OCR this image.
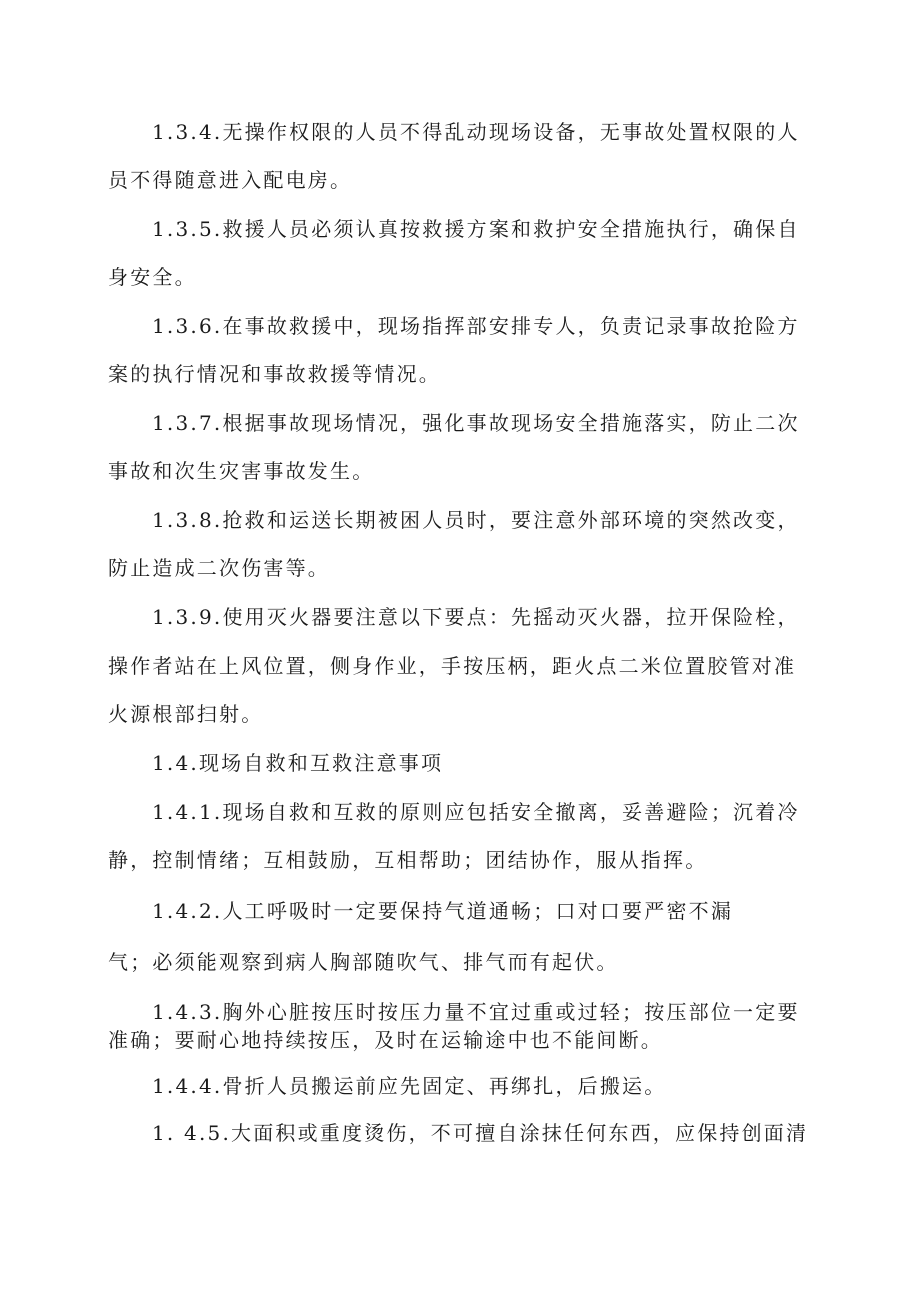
1.3.4.无操作权限的人员不得乱动现场设备，无事故处置权限的人
员不得随意进入配电房。
1.3.5.救援人员必须认真按救援方案和救护安全措施执行，确保自
身安全。
1.3.6.在事故救援中，现场指挥部安排专人，负责记录事故抢险方
案的执行情况和事故救援等情况。
1.3.7.根据事故现场情况，强化事故现场安全措施落实，防止二次
事故和次生灾害事故发生。
1.3.8.抢救和运送长期被困人员时，要注意外部环境的突然改变，
防止造成二次伤害等。
1.3.9.使用灭火器要注意以下要点：先摇动灭火器，拉开保险栓，
操作者站在上风位置，侧身作业，手按压柄，距火点二米位置胶管对准
火源根部扫射。
1.4.现场自救和互救注意事项
1.4.1.现场自救和互救的原则应包括安全撤离，妥善避险；沉着冷
静，控制情绪；互相鼓励，互相帮助；团结协作，服从指挥。
1.4.2.人工呼吸时一定要保持气道通畅；口对口要严密不漏
气；必须能观察到病人胸部随吹气、排气而有起伏。
1.4.3.胸外心脏按压时按压力量不宜过重或过轻；按压部位一定要
准确；要耐心地持续按压，及时在运输途中也不能间断。
1.4.4.骨折人员搬运前应先固定、再绑扎，后搬运。
1. 4.5.大面积或重度烫伤，不可擅自涂抹任何东西，应保持创面清
